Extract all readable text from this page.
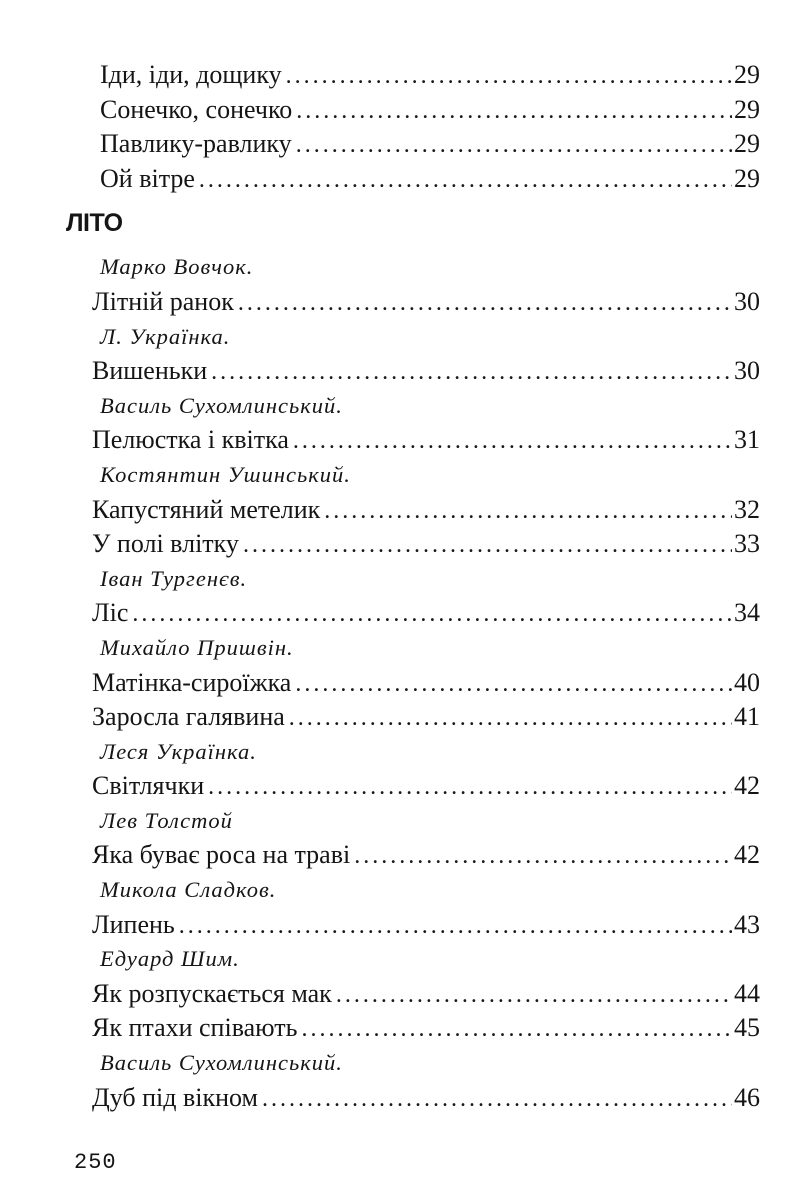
Іди, іди, дощику . . .	29
Сонечко, сонечко . . .	29
Павлику-равлику . . .	29
Ой вітре . . .	29
ЛІТО
Марко Вовчок.
Літній ранок . . .	30
Л. Українка.
Вишеньки . . .	30
Василь Сухомлинський.
Пелюстка і квітка . . .	31
Костянтин Ушинський.
Капустяний метелик . . .	32
У полі влітку . . .	33
Іван Тургенєв.
Ліс . . .	34
Михайло Пришвін.
Матінка-сироїжка . . .	40
Заросла галявина . . .	41
Леся Українка.
Світлячки . . .	42
Лев Толстой
Яка буває роса на траві . . .	42
Микола Сладков.
Липень . . .	43
Едуард Шим.
Як розпускається мак . . .	44
Як птахи співають . . .	45
Василь Сухомлинський.
Дуб під вікном . . .	46
250
